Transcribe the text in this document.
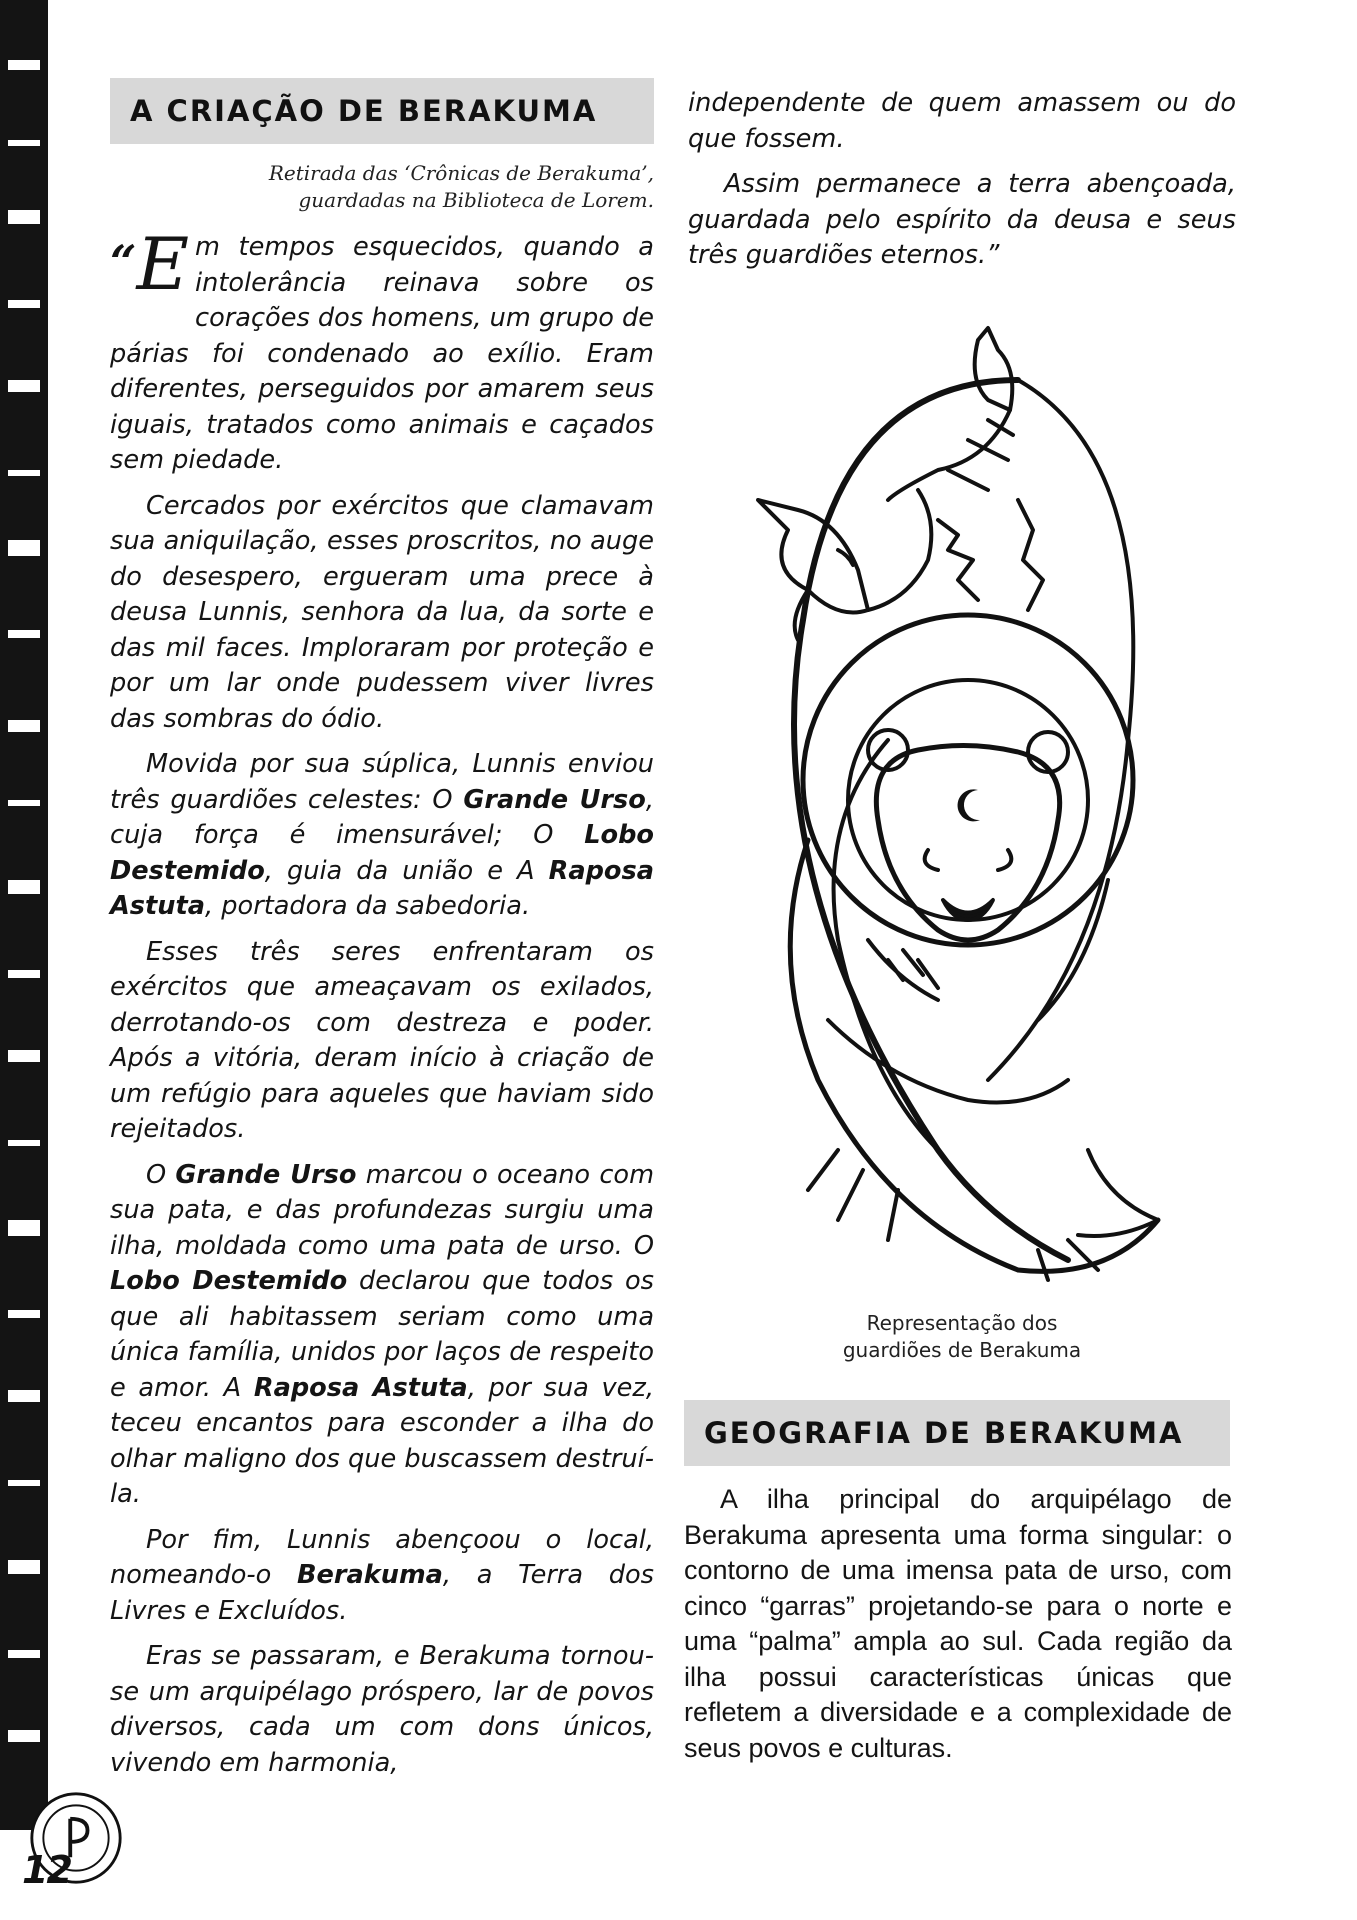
12
A CRIAÇÃO DE BERAKUMA
Retirada das ‘Crônicas de Berakuma’,
guardadas na Biblioteca de Lorem.

“E m tempos esquecidos, quando a intolerância reinava sobre os corações dos homens, um grupo de párias foi condenado ao exílio. Eram diferentes, perseguidos por amarem seus iguais, tratados como animais e caçados sem piedade.

Cercados por exércitos que clamavam sua aniquilação, esses proscritos, no auge do desespero, ergueram uma prece à deusa Lunnis, senhora da lua, da sorte e das mil faces. Imploraram por proteção e por um lar onde pudessem viver livres das sombras do ódio.

Movida por sua súplica, Lunnis enviou três guardiões celestes: O Grande Urso, cuja força é imensurável; O Lobo Destemido, guia da união e A Raposa Astuta, portadora da sabedoria.

Esses três seres enfrentaram os exércitos que ameaçavam os exilados, derrotando-os com destreza e poder. Após a vitória, deram início à criação de um refúgio para aqueles que haviam sido rejeitados.

O Grande Urso marcou o oceano com sua pata, e das profundezas surgiu uma ilha, moldada como uma pata de urso. O Lobo Destemido declarou que todos os que ali habitassem seriam como uma única família, unidos por laços de respeito e amor. A Raposa Astuta, por sua vez, teceu encantos para esconder a ilha do olhar maligno dos que buscassem destruí-la.

Por fim, Lunnis abençoou o local, nomeando-o Berakuma, a Terra dos Livres e Excluídos.

Eras se passaram, e Berakuma tornou-se um arquipélago próspero, lar de povos diversos, cada um com dons únicos, vivendo em harmonia,

independente de quem amassem ou do que fossem.

Assim permanece a terra abençoada, guardada pelo espírito da deusa e seus três guardiões eternos.”

Representação dos
guardiões de Berakuma
GEOGRAFIA DE BERAKUMA

A ilha principal do arquipélago de Berakuma apresenta uma forma singular: o contorno de uma imensa pata de urso, com cinco “garras” projetando-se para o norte e uma “palma” ampla ao sul. Cada região da ilha possui características únicas que refletem a diversidade e a complexidade de seus povos e culturas.
